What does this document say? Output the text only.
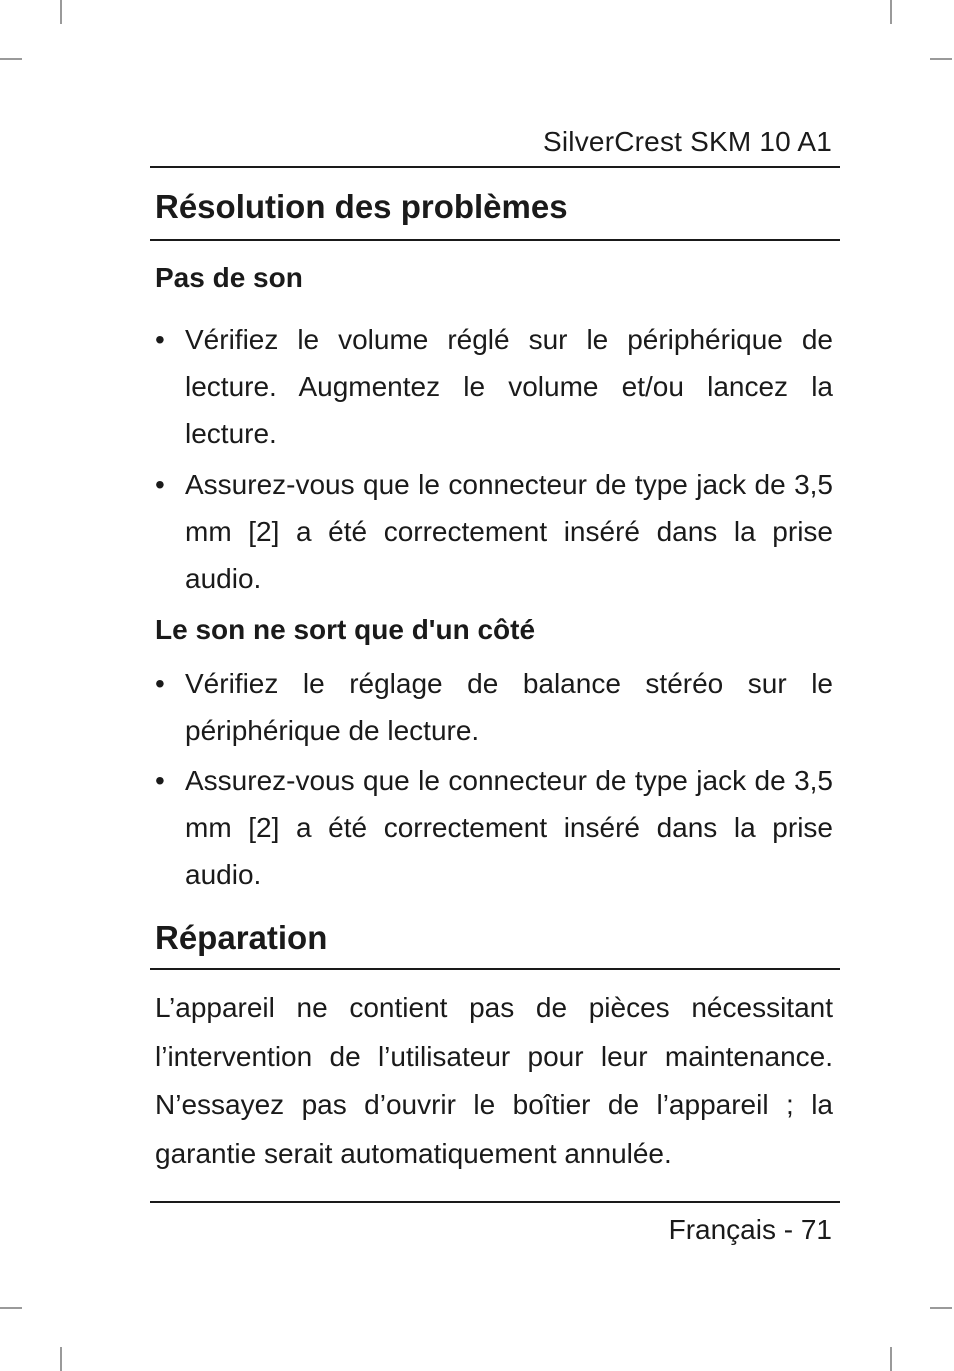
SilverCrest SKM 10 A1
Résolution des problèmes
Pas de son
• Vérifiez le volume réglé sur le périphérique de lecture. Augmentez le volume et/ou lancez la lecture.
• Assurez-vous que le connecteur de type jack de 3,5 mm [2] a été correctement inséré dans la prise audio.
Le son ne sort que d'un côté
• Vérifiez le réglage de balance stéréo sur le périphérique de lecture.
• Assurez-vous que le connecteur de type jack de 3,5 mm [2] a été correctement inséré dans la prise audio.
Réparation
L’appareil ne contient pas de pièces nécessitant l’intervention de l’utilisateur pour leur maintenance. N’essayez pas d’ouvrir le boîtier de l’appareil ; la garantie serait automatiquement annulée.
Français - 71
